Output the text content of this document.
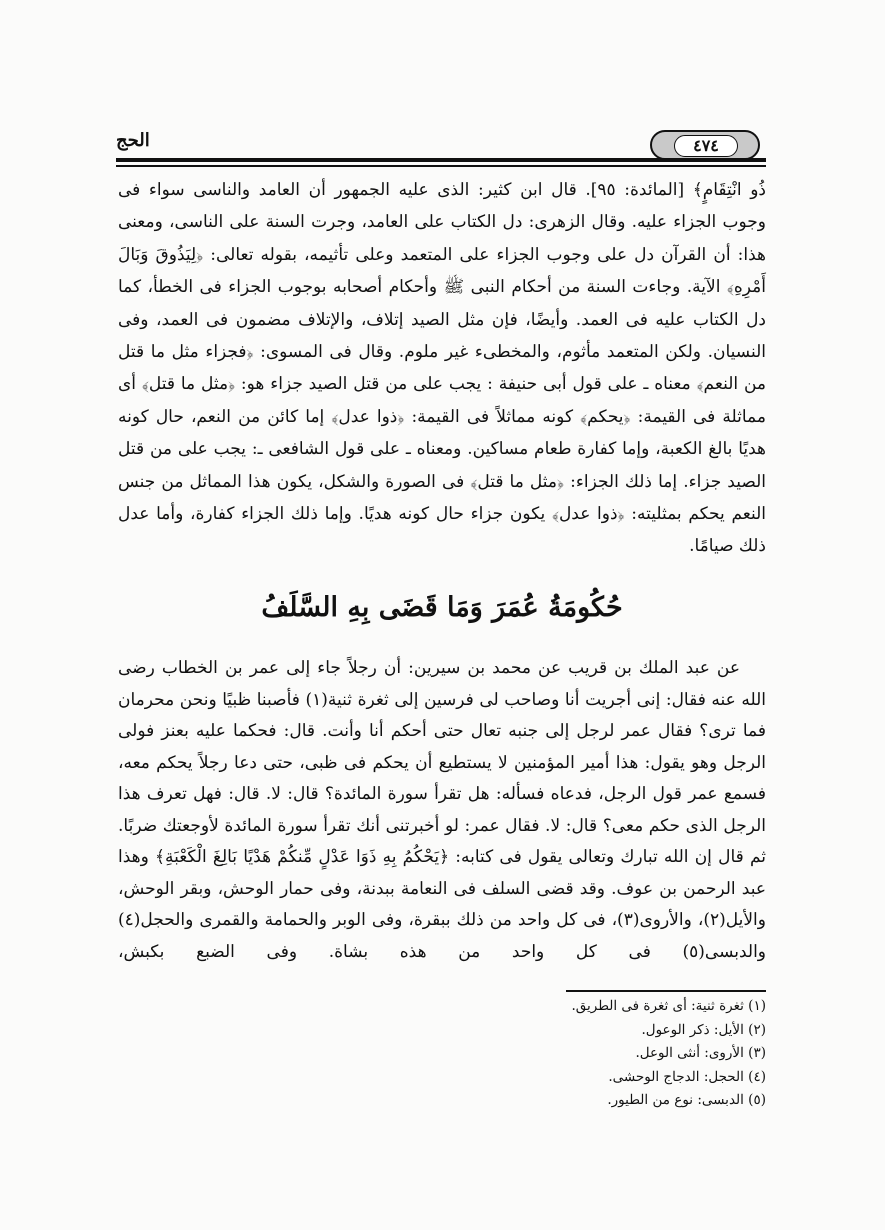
الحج	٤٧٤

ذُو انْتِقَامٍ﴾ [المائدة: ٩٥]. قال ابن كثير: الذى عليه الجمهور أن العامد والناسى سواء فى وجوب الجزاء عليه. وقال الزهرى: دل الكتاب على العامد، وجرت السنة على الناسى، ومعنى هذا: أن القرآن دل على وجوب الجزاء على المتعمد وعلى تأثيمه، بقوله تعالى: ﴿لِيَذُوقَ وَبَالَ أَمْرِهِ﴾ الآية. وجاءت السنة من أحكام النبى ﷺ وأحكام أصحابه بوجوب الجزاء فى الخطأ، كما دل الكتاب عليه فى العمد. وأيضًا، فإن مثل الصيد إتلاف، والإتلاف مضمون فى العمد، وفى النسيان. ولكن المتعمد مأثوم، والمخطىء غير ملوم. وقال فى المسوى: ﴿فجزاء مثل ما قتل من النعم﴾ معناه ـ على قول أبى حنيفة : يجب على من قتل الصيد جزاء هو: ﴿مثل ما قتل﴾ أى مماثلة فى القيمة: ﴿يحكم﴾ كونه مماثلاً فى القيمة: ﴿ذوا عدل﴾ إما كائن من النعم، حال كونه هديًا بالغ الكعبة، وإما كفارة طعام مساكين. ومعناه ـ على قول الشافعى ـ: يجب على من قتل الصيد جزاء. إما ذلك الجزاء: ﴿مثل ما قتل﴾ فى الصورة والشكل، يكون هذا المماثل من جنس النعم يحكم بمثليته: ﴿ذوا عدل﴾ يكون جزاء حال كونه هديًا. وإما ذلك الجزاء كفارة، وأما عدل ذلك صيامًا.

حُكُومَةُ عُمَرَ وَمَا قَضَى بِهِ السَّلَفُ
عن عبد الملك بن قريب عن محمد بن سيرين: أن رجلاً جاء إلى عمر بن الخطاب رضى الله عنه فقال: إنى أجريت أنا وصاحب لى فرسين إلى ثغرة ثنية(١) فأصبنا ظبيًا ونحن محرمان فما ترى؟ فقال عمر لرجل إلى جنبه تعال حتى أحكم أنا وأنت. قال: فحكما عليه بعنز فولى الرجل وهو يقول: هذا أمير المؤمنين لا يستطيع أن يحكم فى ظبى، حتى دعا رجلاً يحكم معه، فسمع عمر قول الرجل، فدعاه فسأله: هل تقرأ سورة المائدة؟ قال: لا. قال: فهل تعرف هذا الرجل الذى حكم معى؟ قال: لا. فقال عمر: لو أخبرتنى أنك تقرأ سورة المائدة لأوجعتك ضربًا. ثم قال إن الله تبارك وتعالى يقول فى كتابه: ﴿يَحْكُمُ بِهِ ذَوَا عَدْلٍ مِّنكُمْ هَدْيًا بَالِغَ الْكَعْبَةِ﴾ وهذا عبد الرحمن بن عوف. وقد قضى السلف فى النعامة ببدنة، وفى حمار الوحش، وبقر الوحش، والأيل(٢)، والأروى(٣)، فى كل واحد من ذلك ببقرة، وفى الوبر والحمامة والقمرى والحجل(٤) والدبسى(٥) فى كل واحد من هذه بشاة. وفى الضبع بكبش،
(١) ثغرة ثنية: أى ثغرة فى الطريق.
(٢) الأيل: ذكر الوعول.
(٣) الأروى: أنثى الوعل.
(٤) الحجل: الدجاج الوحشى.
(٥) الدبسى: نوع من الطيور.
